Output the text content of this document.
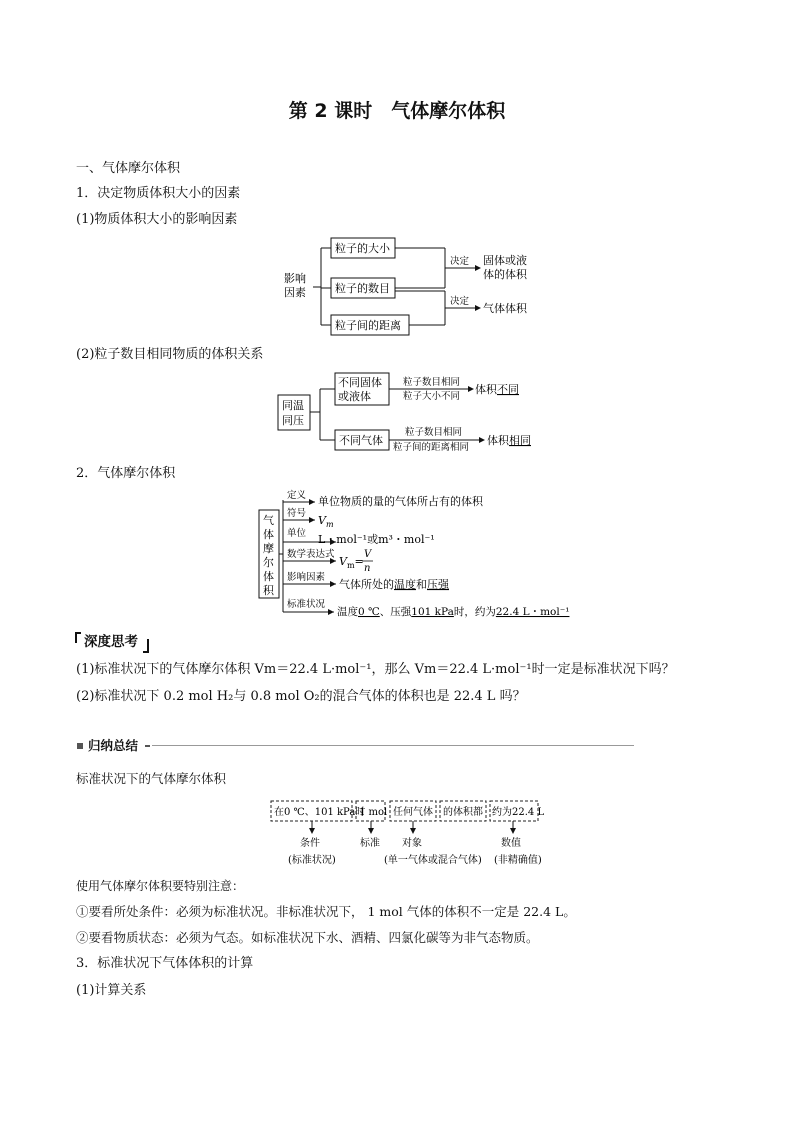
第 2 课时　气体摩尔体积
一、气体摩尔体积
1．决定物质体积大小的因素
(1)物质体积大小的影响因素
影响
因素
粒子的大小
粒子的数目
粒子间的距离
决定
决定
固体或液
体的体积
气体体积
(2)粒子数目相同物质的体积关系
同温
同压
不同固体
或液体
不同气体
粒子数目相同
粒子大小不同
粒子数目相同
粒子间的距离相同
体积不同
体积相同
2．气体摩尔体积
气
体
摩
尔
体
积
定义
符号
单位
数学表达式
影响因素
标准状况
单位物质的量的气体所占有的体积
$V_m$
L・mol⁻¹或m³・mol⁻¹
$V_m=$
V
n
气体所处的温度和压强
温度0 ℃、压强101 kPa时，约为22.4 L・mol⁻¹
深度思考
(1)标准状况下的气体摩尔体积 Vm＝22.4 L·mol⁻¹，那么 Vm＝22.4 L·mol⁻¹时一定是标准状况下吗？
(2)标准状况下 0.2 mol H₂与 0.8 mol O₂的混合气体的体积也是 22.4 L 吗？
归纳总结
标准状况下的气体摩尔体积
在0 ℃、101 kPa时
1 mol 任何气体 的体积都 约为22.4 L
条件	标准 对象	数值
(标准状况)	(单一气体或混合气体) (非精确值)
使用气体摩尔体积要特别注意：
①要看所处条件：必须为标准状况。非标准状况下， 1 mol 气体的体积不一定是 22.4 L。
②要看物质状态：必须为气态。如标准状况下水、酒精、四氯化碳等为非气态物质。
3．标准状况下气体体积的计算
(1)计算关系
